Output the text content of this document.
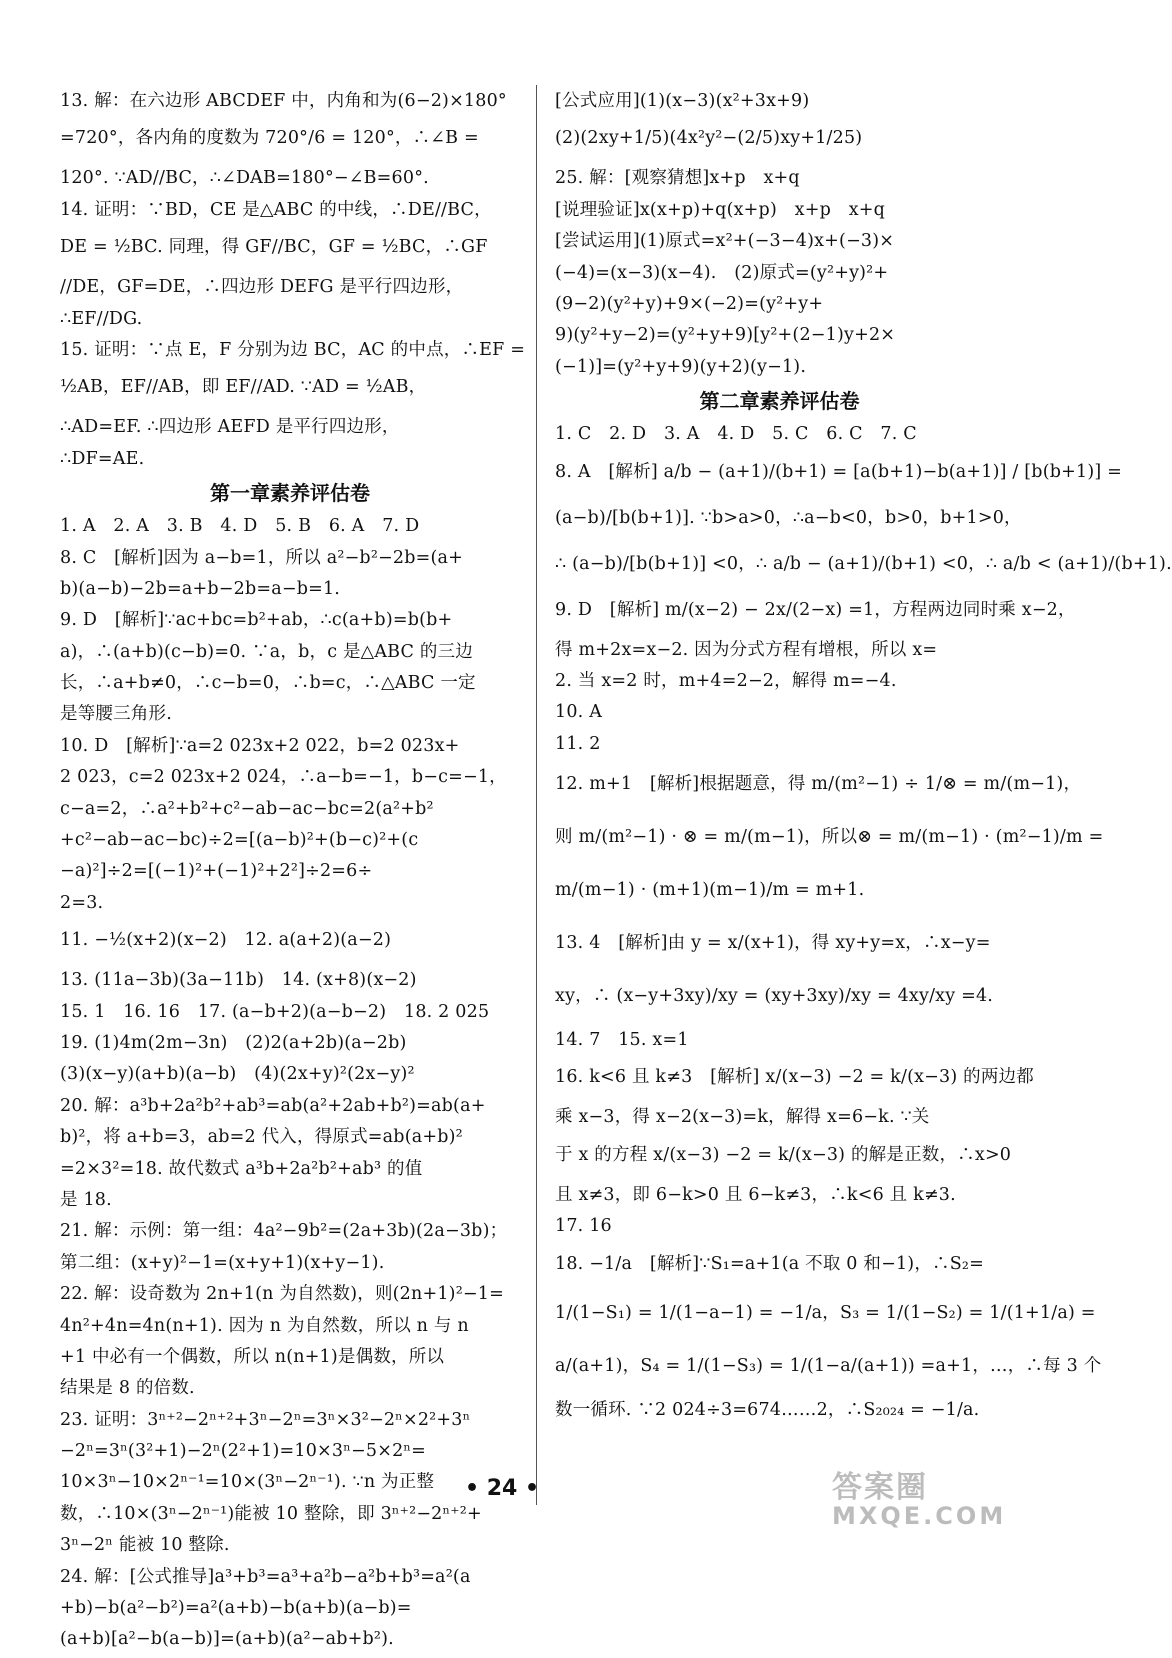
13. 解：在六边形 ABCDEF 中，内角和为(6−2)×180°
=720°，各内角的度数为 720°/6 = 120°，∴∠B =
120°. ∵AD//BC，∴∠DAB=180°−∠B=60°.
14. 证明：∵BD，CE 是△ABC 的中线，∴DE//BC，
DE = ½BC. 同理，得 GF//BC，GF = ½BC，∴GF
//DE，GF=DE，∴四边形 DEFG 是平行四边形，
∴EF//DG.
15. 证明：∵点 E，F 分别为边 BC，AC 的中点，∴EF =
½AB，EF//AB，即 EF//AD. ∵AD = ½AB，
∴AD=EF. ∴四边形 AEFD 是平行四边形，
∴DF=AE.
第一章素养评估卷
1. A　2. A　3. B　4. D　5. B　6. A　7. D
8. C　[解析]因为 a−b=1，所以 a²−b²−2b=(a+
b)(a−b)−2b=a+b−2b=a−b=1.
9. D　[解析]∵ac+bc=b²+ab，∴c(a+b)=b(b+
a)，∴(a+b)(c−b)=0. ∵a，b，c 是△ABC 的三边
长，∴a+b≠0，∴c−b=0，∴b=c，∴△ABC 一定
是等腰三角形.
10. D　[解析]∵a=2 023x+2 022，b=2 023x+
2 023，c=2 023x+2 024，∴a−b=−1，b−c=−1，
c−a=2，∴a²+b²+c²−ab−ac−bc=2(a²+b²
+c²−ab−ac−bc)÷2=[(a−b)²+(b−c)²+(c
−a)²]÷2=[(−1)²+(−1)²+2²]÷2=6÷
2=3.
11. −½(x+2)(x−2)　12. a(a+2)(a−2)
13. (11a−3b)(3a−11b)　14. (x+8)(x−2)
15. 1　16. 16　17. (a−b+2)(a−b−2)　18. 2 025
19. (1)4m(2m−3n)　(2)2(a+2b)(a−2b)
(3)(x−y)(a+b)(a−b)　(4)(2x+y)²(2x−y)²
20. 解：a³b+2a²b²+ab³=ab(a²+2ab+b²)=ab(a+
b)²，将 a+b=3，ab=2 代入，得原式=ab(a+b)²
=2×3²=18. 故代数式 a³b+2a²b²+ab³ 的值
是 18.
21. 解：示例：第一组：4a²−9b²=(2a+3b)(2a−3b)；
第二组：(x+y)²−1=(x+y+1)(x+y−1).
22. 解：设奇数为 2n+1(n 为自然数)，则(2n+1)²−1=
4n²+4n=4n(n+1). 因为 n 为自然数，所以 n 与 n
+1 中必有一个偶数，所以 n(n+1)是偶数，所以
结果是 8 的倍数.
23. 证明：3ⁿ⁺²−2ⁿ⁺²+3ⁿ−2ⁿ=3ⁿ×3²−2ⁿ×2²+3ⁿ
−2ⁿ=3ⁿ(3²+1)−2ⁿ(2²+1)=10×3ⁿ−5×2ⁿ=
10×3ⁿ−10×2ⁿ⁻¹=10×(3ⁿ−2ⁿ⁻¹). ∵n 为正整
数，∴10×(3ⁿ−2ⁿ⁻¹)能被 10 整除，即 3ⁿ⁺²−2ⁿ⁺²+
3ⁿ−2ⁿ 能被 10 整除.
24. 解：[公式推导]a³+b³=a³+a²b−a²b+b³=a²(a
+b)−b(a²−b²)=a²(a+b)−b(a+b)(a−b)=
(a+b)[a²−b(a−b)]=(a+b)(a²−ab+b²).
[公式应用](1)(x−3)(x²+3x+9)
(2)(2xy+1/5)(4x²y²−(2/5)xy+1/25)
25. 解：[观察猜想]x+p　x+q
[说理验证]x(x+p)+q(x+p)　x+p　x+q
[尝试运用](1)原式=x²+(−3−4)x+(−3)×
(−4)=(x−3)(x−4).　(2)原式=(y²+y)²+
(9−2)(y²+y)+9×(−2)=(y²+y+
9)(y²+y−2)=(y²+y+9)[y²+(2−1)y+2×
(−1)]=(y²+y+9)(y+2)(y−1).
第二章素养评估卷
1. C　2. D　3. A　4. D　5. C　6. C　7. C
8. A　[解析] a/b − (a+1)/(b+1) = [a(b+1)−b(a+1)] / [b(b+1)] =
(a−b)/[b(b+1)]. ∵b>a>0，∴a−b<0，b>0，b+1>0，
∴ (a−b)/[b(b+1)] <0，∴ a/b − (a+1)/(b+1) <0，∴ a/b < (a+1)/(b+1).
9. D　[解析] m/(x−2) − 2x/(2−x) =1，方程两边同时乘 x−2，
得 m+2x=x−2. 因为分式方程有增根，所以 x=
2. 当 x=2 时，m+4=2−2，解得 m=−4.
10. A
11. 2
12. m+1　[解析]根据题意，得 m/(m²−1) ÷ 1/⊗ = m/(m−1)，
则 m/(m²−1) · ⊗ = m/(m−1)，所以⊗ = m/(m−1) · (m²−1)/m =
m/(m−1) · (m+1)(m−1)/m = m+1.
13. 4　[解析]由 y = x/(x+1)，得 xy+y=x，∴x−y=
xy，∴ (x−y+3xy)/xy = (xy+3xy)/xy = 4xy/xy =4.
14. 7　15. x=1
16. k<6 且 k≠3　[解析] x/(x−3) −2 = k/(x−3) 的两边都
乘 x−3，得 x−2(x−3)=k，解得 x=6−k. ∵关
于 x 的方程 x/(x−3) −2 = k/(x−3) 的解是正数，∴x>0
且 x≠3，即 6−k>0 且 6−k≠3，∴k<6 且 k≠3.
17. 16
18. −1/a　[解析]∵S₁=a+1(a 不取 0 和−1)，∴S₂=
1/(1−S₁) = 1/(1−a−1) = −1/a，S₃ = 1/(1−S₂) = 1/(1+1/a) =
a/(a+1)，S₄ = 1/(1−S₃) = 1/(1−a/(a+1)) =a+1，…，∴每 3 个
数一循环. ∵2 024÷3=674……2，∴S₂₀₂₄ = −1/a.
• 24 •	答案圈
MXQE.COM
